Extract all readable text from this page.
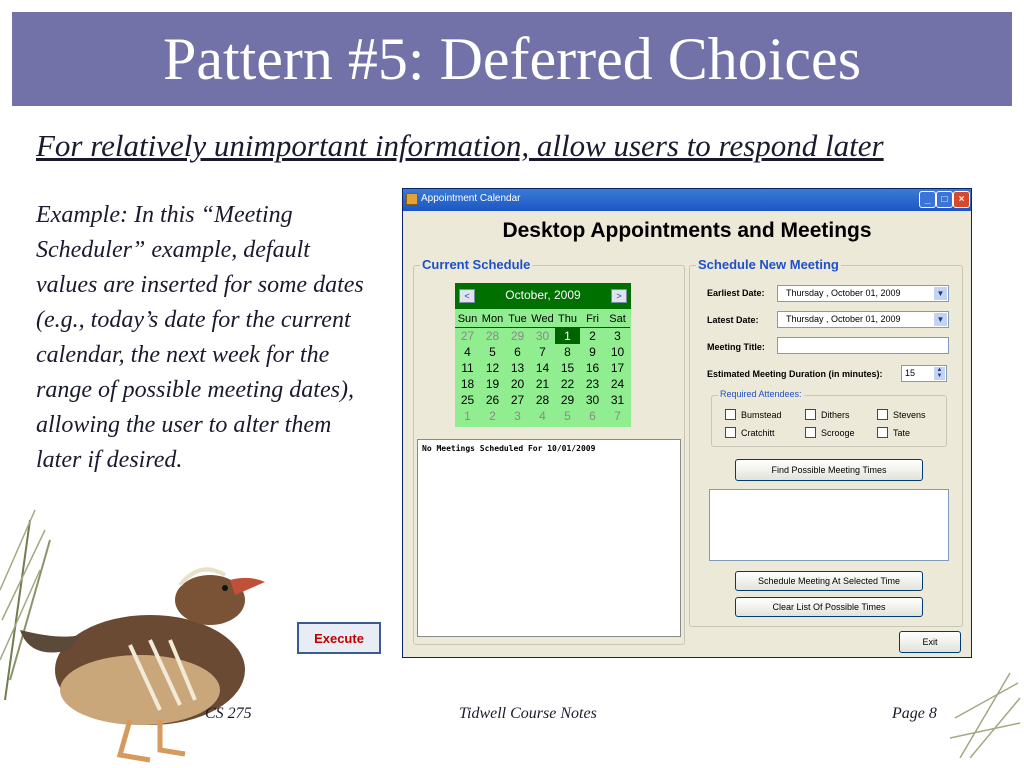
Pattern #5: Deferred Choices
For relatively unimportant information, allow users to respond later
Example: In this “Meeting Scheduler” example, default values are inserted for some dates (e.g., today’s date for the current calendar, the next week for the range of possible meeting dates), allowing the user to alter them later if desired.
Execute
CS 275	Tidwell Course Notes	Page 8
Appointment Calendar	_	□	×
Desktop Appointments and Meetings
Current Schedule
October, 2009
<	>
Sun Mon Tue Wed Thu Fri Sat
27 28 29 30	1	2	3
4	5	6	7	8	9	10
11	12 13 14 15 16 17
18 19 20 21 22 23 24
25 26 27 28 29 30 31
1	2	3	4	5	6	7
No Meetings Scheduled For 10/01/2009
Schedule New Meeting
Earliest Date: Thursday , October 01, 2009	▼
Latest Date:	Thursday , October 01, 2009	▼
Meeting Title:
Estimated Meeting Duration (in minutes): 15	▲
▼
Required Attendees:
Bumstead	Dithers	Stevens
Cratchitt	Scrooge	Tate
Find Possible Meeting Times
Schedule Meeting At Selected Time
Clear List Of Possible Times
Exit
